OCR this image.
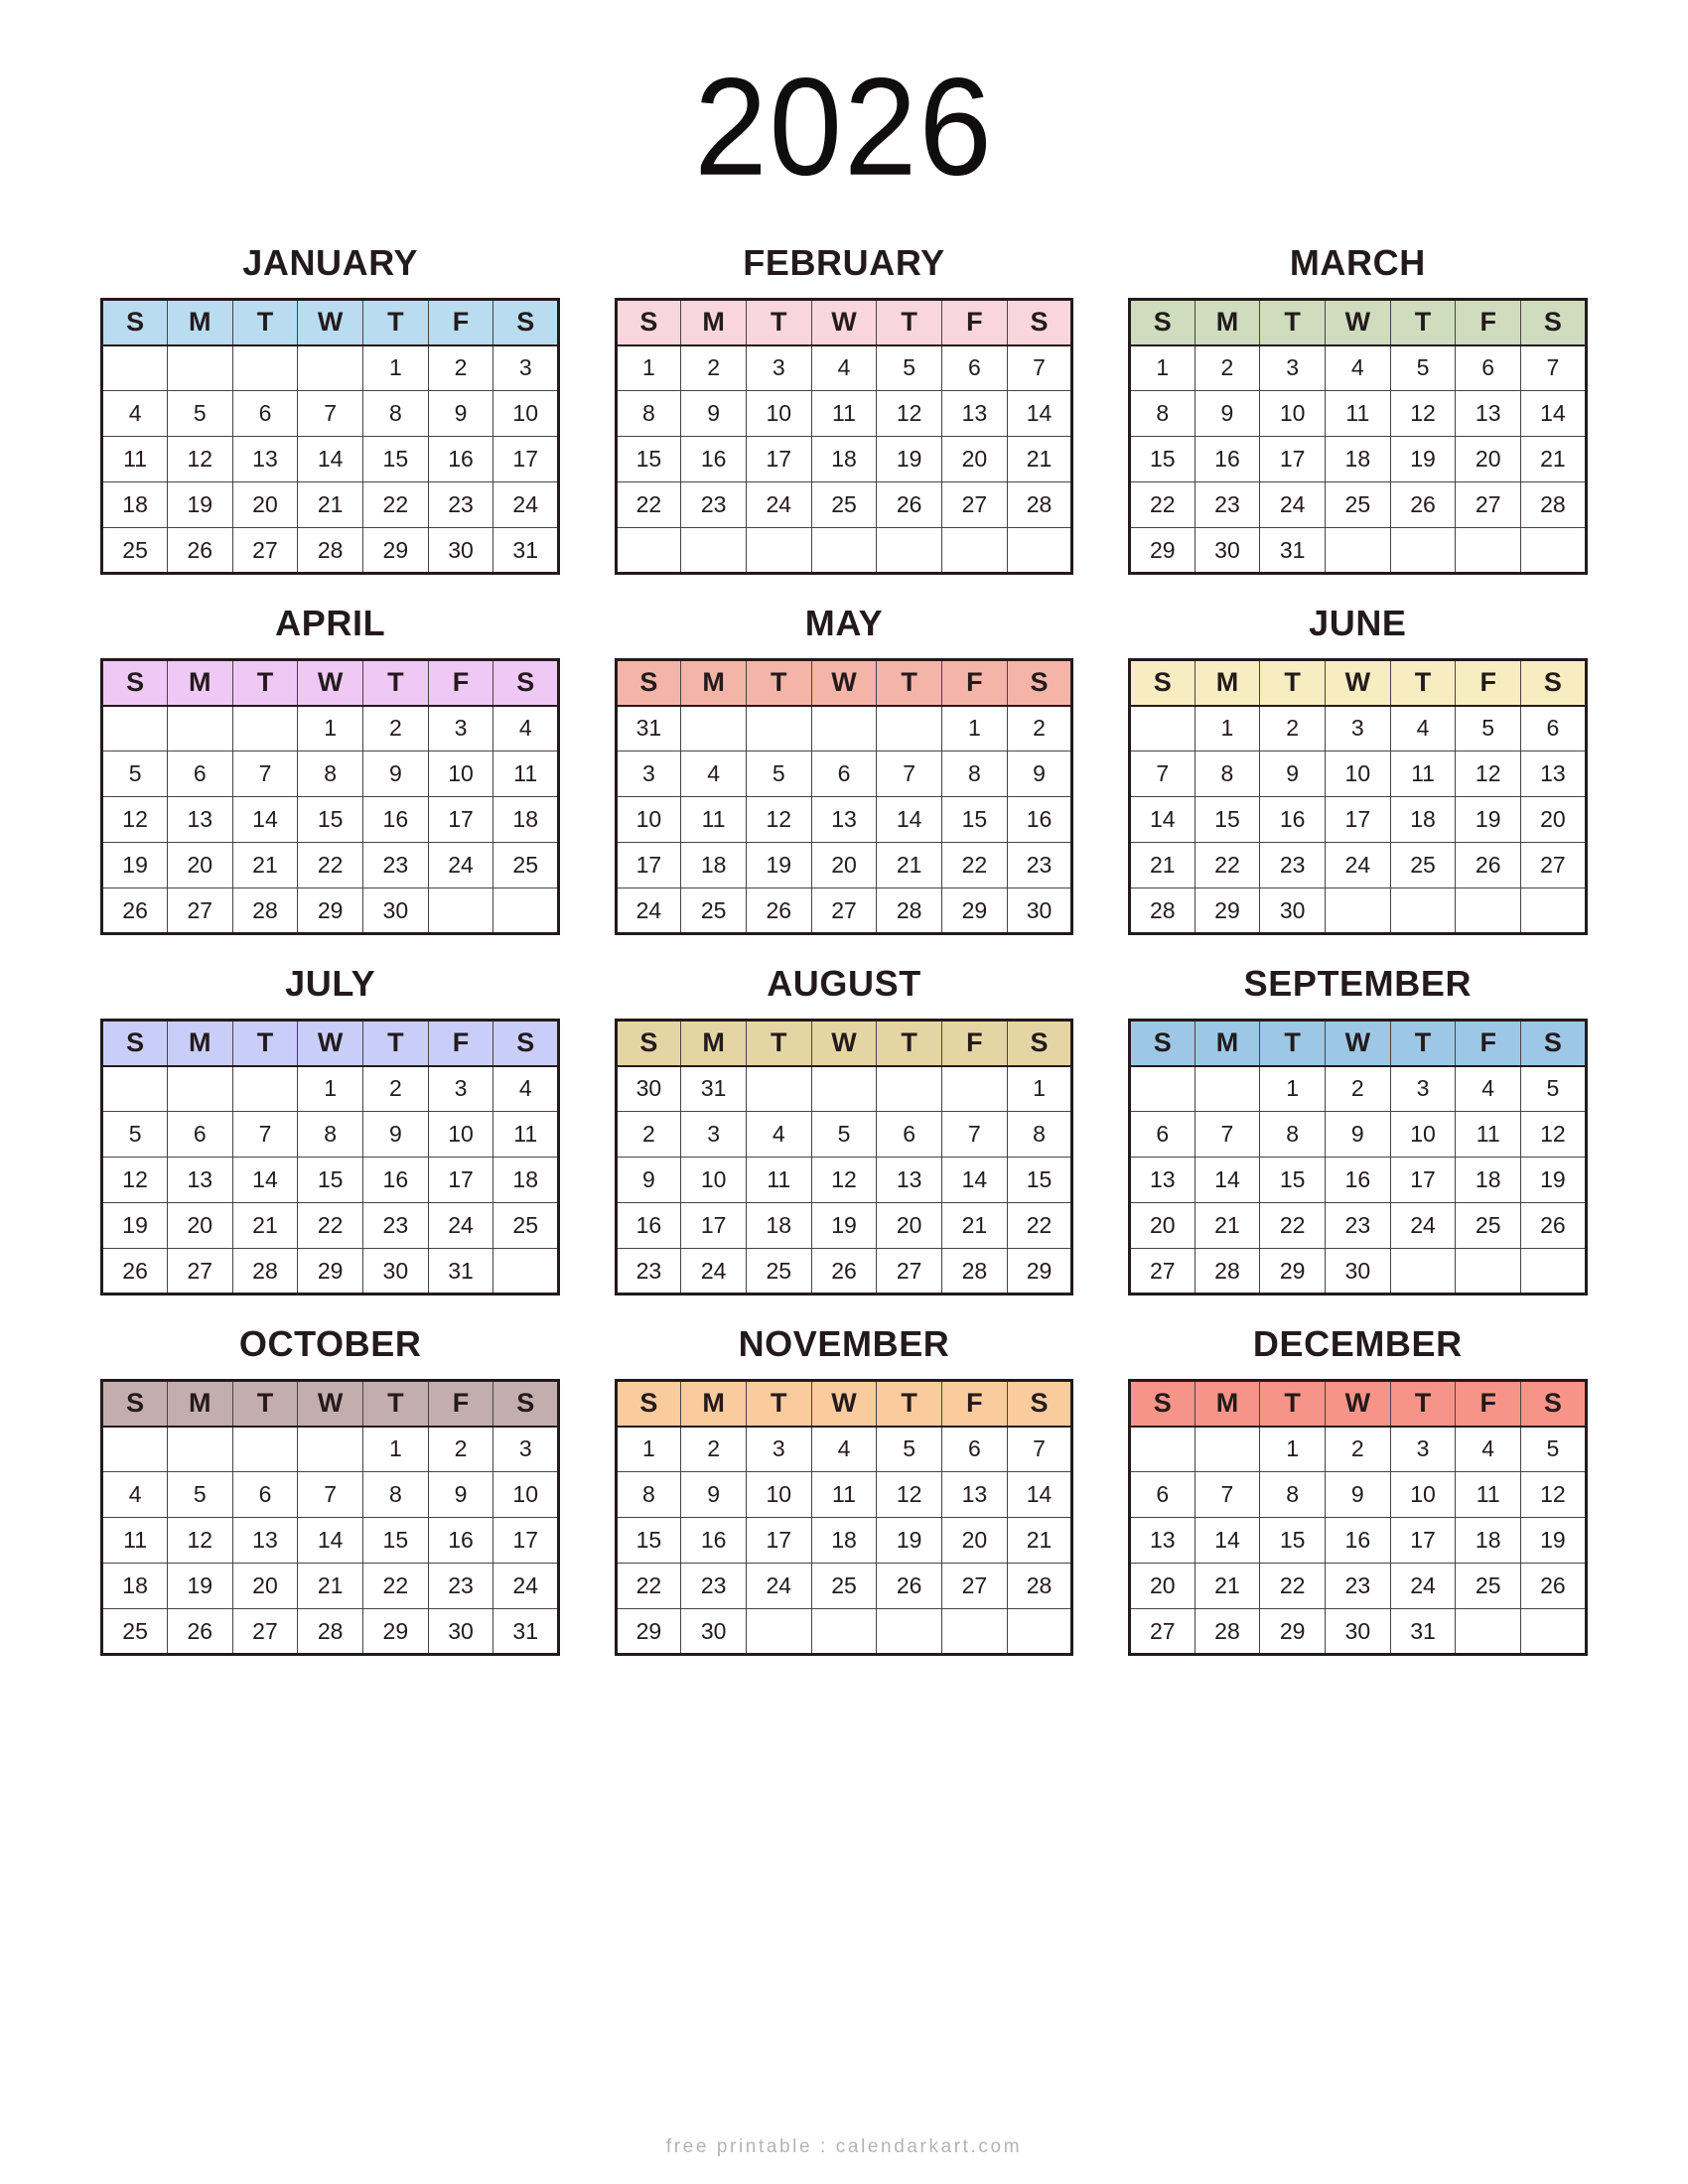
2026
JANUARY
S	M	T	W	T	F	S
				1	2	3
4	5	6	7	8	9	10
11	12	13	14	15	16	17
18	19	20	21	22	23	24
25	26	27	28	29	30	31
FEBRUARY
S	M	T	W	T	F	S
1	2	3	4	5	6	7
8	9	10	11	12	13	14
15	16	17	18	19	20	21
22	23	24	25	26	27	28

MARCH
S	M	T	W	T	F	S
1	2	3	4	5	6	7
8	9	10	11	12	13	14
15	16	17	18	19	20	21
22	23	24	25	26	27	28
29	30	31				
APRIL
S	M	T	W	T	F	S
			1	2	3	4
5	6	7	8	9	10	11
12	13	14	15	16	17	18
19	20	21	22	23	24	25
26	27	28	29	30		
MAY
S	M	T	W	T	F	S
31					1	2
3	4	5	6	7	8	9
10	11	12	13	14	15	16
17	18	19	20	21	22	23
24	25	26	27	28	29	30
JUNE
S	M	T	W	T	F	S
	1	2	3	4	5	6
7	8	9	10	11	12	13
14	15	16	17	18	19	20
21	22	23	24	25	26	27
28	29	30				
JULY
S	M	T	W	T	F	S
			1	2	3	4
5	6	7	8	9	10	11
12	13	14	15	16	17	18
19	20	21	22	23	24	25
26	27	28	29	30	31	
AUGUST
S	M	T	W	T	F	S
30	31					1
2	3	4	5	6	7	8
9	10	11	12	13	14	15
16	17	18	19	20	21	22
23	24	25	26	27	28	29
SEPTEMBER
S	M	T	W	T	F	S
		1	2	3	4	5
6	7	8	9	10	11	12
13	14	15	16	17	18	19
20	21	22	23	24	25	26
27	28	29	30			
OCTOBER
S	M	T	W	T	F	S
				1	2	3
4	5	6	7	8	9	10
11	12	13	14	15	16	17
18	19	20	21	22	23	24
25	26	27	28	29	30	31
NOVEMBER
S	M	T	W	T	F	S
1	2	3	4	5	6	7
8	9	10	11	12	13	14
15	16	17	18	19	20	21
22	23	24	25	26	27	28
29	30					
DECEMBER
S	M	T	W	T	F	S
		1	2	3	4	5
6	7	8	9	10	11	12
13	14	15	16	17	18	19
20	21	22	23	24	25	26
27	28	29	30	31		
free printable : calendarkart.com
